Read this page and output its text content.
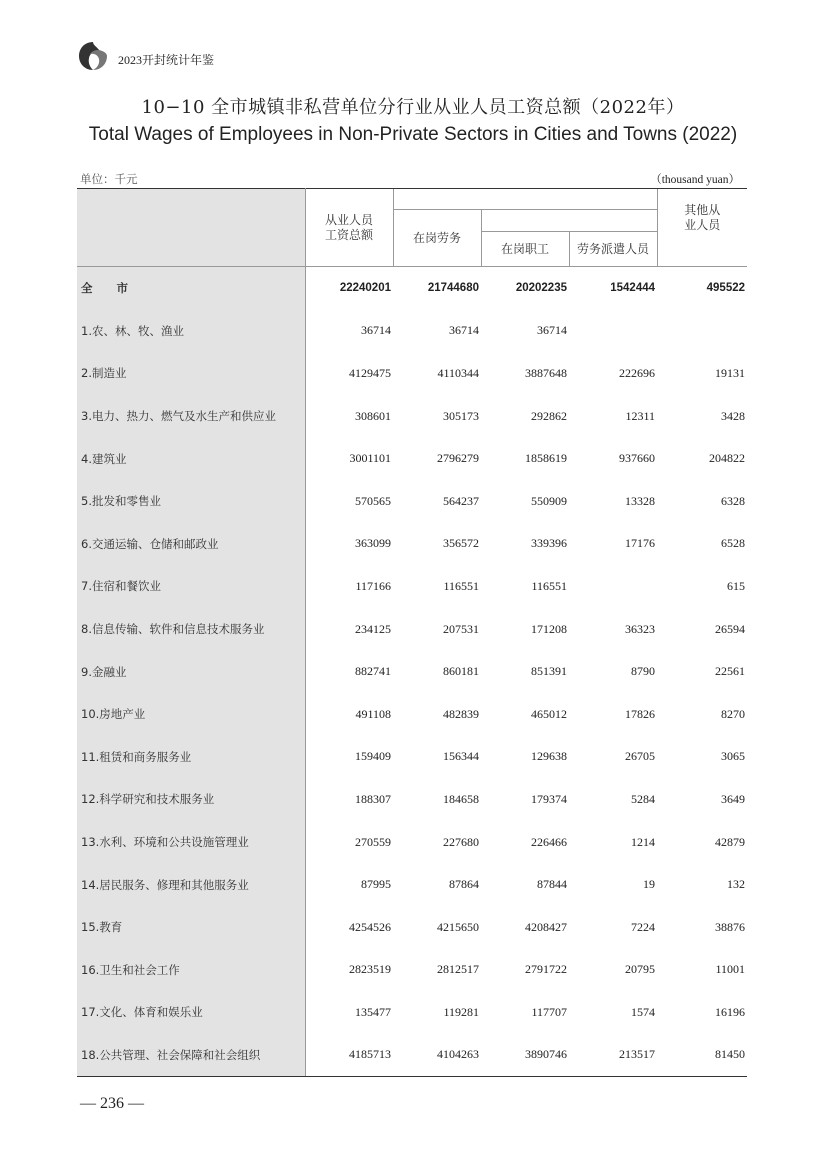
2023开封统计年鉴
10−10 全市城镇非私营单位分行业从业人员工资总额（2022年）
Total Wages of Employees in Non-Private Sectors in Cities and Towns (2022)
单位：千元	（thousand yuan）
	从业人员
工资总额				其他从
业人员
		在岗劳务			
			在岗职工	劳务派遣人员	
全 市	22240201	21744680	20202235	1542444	495522
1.农、林、牧、渔业	36714	36714	36714		
2.制造业	4129475	4110344	3887648	222696	19131
3.电力、热力、燃气及水生产和供应业	308601	305173	292862	12311	3428
4.建筑业	3001101	2796279	1858619	937660	204822
5.批发和零售业	570565	564237	550909	13328	6328
6.交通运输、仓储和邮政业	363099	356572	339396	17176	6528
7.住宿和餐饮业	117166	116551	116551		615
8.信息传输、软件和信息技术服务业	234125	207531	171208	36323	26594
9.金融业	882741	860181	851391	8790	22561
10.房地产业	491108	482839	465012	17826	8270
11.租赁和商务服务业	159409	156344	129638	26705	3065
12.科学研究和技术服务业	188307	184658	179374	5284	3649
13.水利、环境和公共设施管理业	270559	227680	226466	1214	42879
14.居民服务、修理和其他服务业	87995	87864	87844	19	132
15.教育	4254526	4215650	4208427	7224	38876
16.卫生和社会工作	2823519	2812517	2791722	20795	11001
17.文化、体育和娱乐业	135477	119281	117707	1574	16196
18.公共管理、社会保障和社会组织	4185713	4104263	3890746	213517	81450
— 236 —
